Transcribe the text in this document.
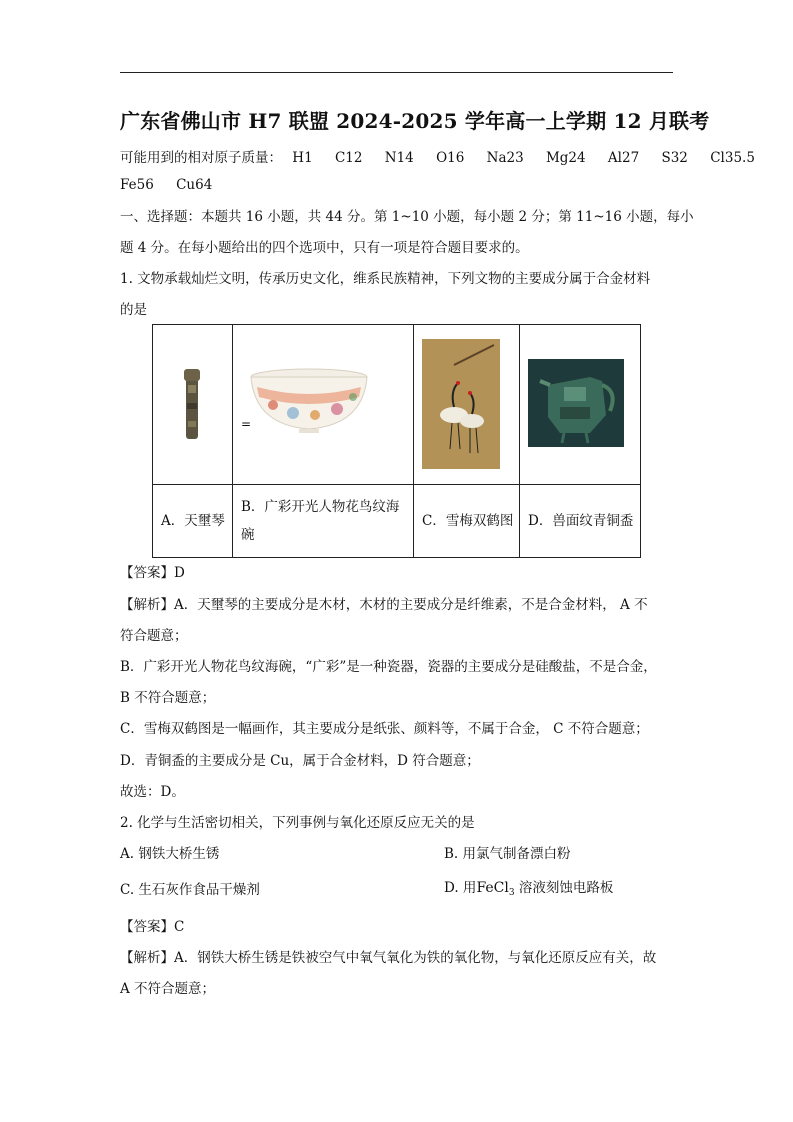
广东省佛山市 H7 联盟 2024-2025 学年高一上学期 12 月联考
可能用到的相对原子质量： H1 C12 N14 O16 Na23 Mg24 Al27 S32 Cl35.5
Fe56 Cu64
一、选择题：本题共 16 小题，共 44 分。第 1~10 小题，每小题 2 分；第 11~16 小题，每小
题 4 分。在每小题给出的四个选项中，只有一项是符合题目要求的。
1. 文物承载灿烂文明，传承历史文化，维系民族精神，下列文物的主要成分属于合金材料
的是

=

A．天壐琴	B．广彩开光人物花鸟纹海
碗	C．雪梅双鹤图	D．兽面纹青铜盉
【答案】D
【解析】A．天壐琴的主要成分是木材，木材的主要成分是纤维素，不是合金材料， A 不
符合题意；
B．广彩开光人物花鸟纹海碗，“广彩”是一种瓷器，瓷器的主要成分是硅酸盐，不是合金，
B 不符合题意；
C．雪梅双鹤图是一幅画作，其主要成分是纸张、颜料等，不属于合金， C 不符合题意；
D．青铜盉的主要成分是 Cu，属于合金材料，D 符合题意；
故选：D。
2. 化学与生活密切相关，下列事例与氧化还原反应无关的是
A. 钢铁大桥生锈	B. 用氯气制备漂白粉
C. 生石灰作食品干燥剂	D. 用FeCl$_3$ 溶液刻蚀电路板
【答案】C
【解析】A．钢铁大桥生锈是铁被空气中氧气氧化为铁的氧化物，与氧化还原反应有关，故
A 不符合题意；
